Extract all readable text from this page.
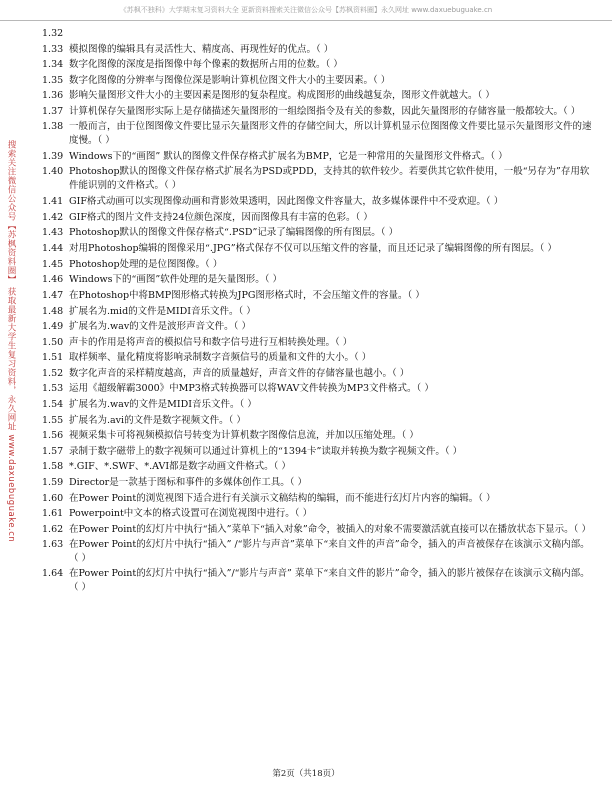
《苏枫不独科》大学期末复习资料大全 更新资料搜索关注微信公众号【苏枫资料圈】永久网址 www.daxuebuguake.cn
搜索关注微信公众号【苏枫资料圈】 获取最新大学生复习资料，永久网址 www.daxuebuguake.cn
1.32
1.33 模拟图像的编辑具有灵活性大、精度高、再现性好的优点。（ ）
1.34 数字化图像的深度是指图像中每个像素的数据所占用的位数。（ ）
1.35 数字化图像的分辨率与图像位深是影响计算机位图文件大小的主要因素。（ ）
1.36 影响矢量图形文件大小的主要因素是图形的复杂程度。构成图形的曲线越复杂，图形文件就越大。（ ）
1.37 计算机保存矢量图形实际上是存储描述矢量图形的一组绘图指令及有关的参数，因此矢量图形的存储容量一般都较大。（ ）
1.38 一般而言，由于位图图像文件要比显示矢量图形文件的存储空间大，所以计算机显示位图图像文件要比显示矢量图形文件的速度慢。（ ）
1.39 Windows下的“画图” 默认的图像文件保存格式扩展名为BMP，它是一种常用的矢量图形文件格式。（ ）
1.40 Photoshop默认的图像文件保存格式扩展名为PSD或PDD，支持其的软件较少。若要供其它软件使用，一般“另存为”存用软件能识别的文件格式。（ ）
1.41 GIF格式动画可以实现图像动画和背影效果透明，因此图像文件容量大，故多媒体课件中不受欢迎。（ ）
1.42 GIF格式的图片文件支持24位颜色深度，因而图像具有丰富的色彩。（ ）
1.43 Photoshop默认的图像文件保存格式“.PSD”记录了编辑图像的所有图层。（ ）
1.44 对用Photoshop编辑的图像采用“.JPG”格式保存不仅可以压缩文件的容量，而且还记录了编辑图像的所有图层。（ ）
1.45 Photoshop处理的是位图图像。（ ）
1.46 Windows下的“画图”软件处理的是矢量图形。（ ）
1.47 在Photoshop中将BMP图形格式转换为JPG图形格式时，不会压缩文件的容量。（ ）
1.48 扩展名为.mid的文件是MIDI音乐文件。（ ）
1.49 扩展名为.wav的文件是波形声音文件。（ ）
1.50 声卡的作用是将声音的模拟信号和数字信号进行互相转换处理。（ ）
1.51 取样频率、量化精度将影响录制数字音频信号的质量和文件的大小。（ ）
1.52 数字化声音的采样精度越高，声音的质量越好，声音文件的存储容量也越小。（ ）
1.53 运用《超级解霸3000》中MP3格式转换器可以将WAV文件转换为MP3文件格式。（ ）
1.54 扩展名为.wav的文件是MIDI音乐文件。（ ）
1.55 扩展名为.avi的文件是数字视频文件。（ ）
1.56 视频采集卡可将视频模拟信号转变为计算机数字图像信息流，并加以压缩处理。（ ）
1.57 录制于数字磁带上的数字视频可以通过计算机上的“1394卡”读取并转换为数字视频文件。（ ）
1.58 *.GIF、*.SWF、*.AVI都是数字动画文件格式。（ ）
1.59 Director是一款基于图标和事件的多媒体创作工具。（ ）
1.60 在Power Point的浏览视图下适合进行有关演示文稿结构的编辑，而不能进行幻灯片内容的编辑。（ ）
1.61 Powerpoint中文本的格式设置可在浏览视图中进行。（ ）
1.62 在Power Point的幻灯片中执行“插入”菜单下“插入对象”命令，被插入的对象不需要激活就直接可以在播放状态下显示。（ ）
1.63 在Power Point的幻灯片中执行“插入” /“影片与声音”菜单下“来自文件的声音”命令，插入的声音被保存在该演示文稿内部。（ ）
1.64 在Power Point的幻灯片中执行“插入”/“影片与声音” 菜单下“来自文件的影片”命令，插入的影片被保存在该演示文稿内部。（ ）
第2页（共18页）
